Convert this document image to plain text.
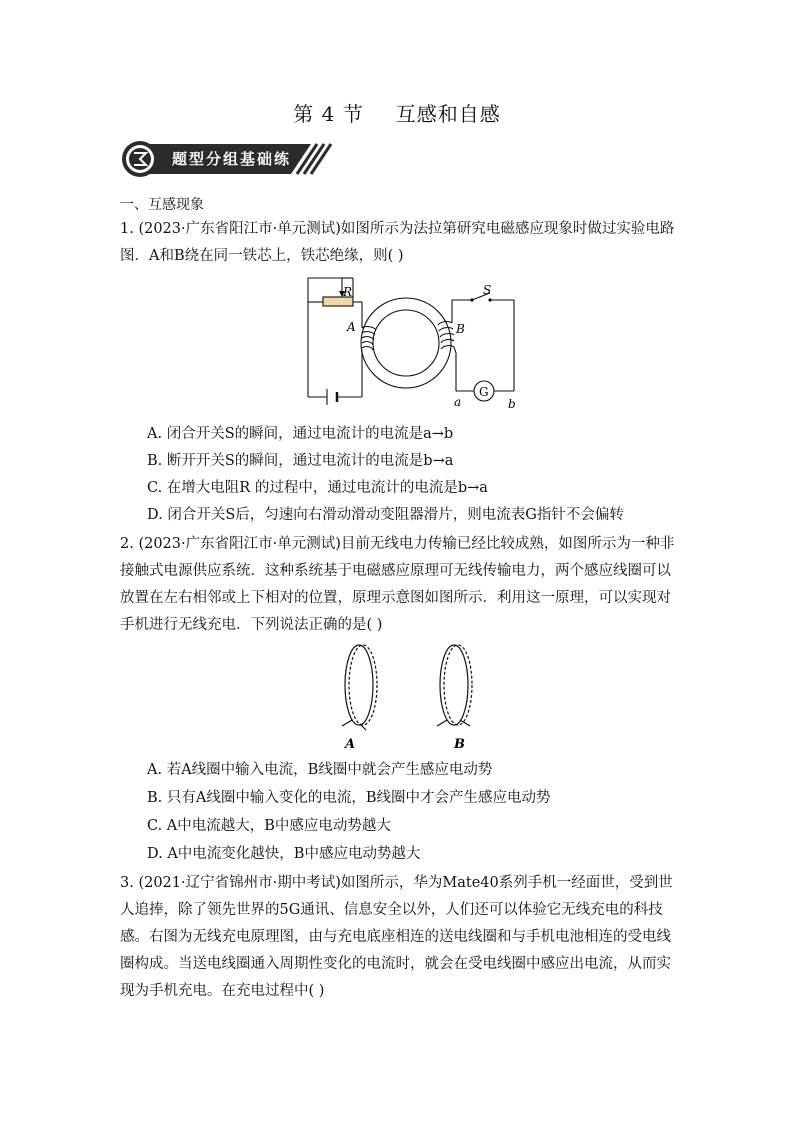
第 4 节 互感和自感
题型分组基础练
一、互感现象
1. (2023·广东省阳江市·单元测试)如图所示为法拉第研究电磁感应现象时做过实验电路图．A和B绕在同一铁芯上，铁芯绝缘，则( )
R
A	B
S
G
a	b
A. 闭合开关S的瞬间，通过电流计的电流是a→b
B. 断开开关S的瞬间，通过电流计的电流是b→a
C. 在增大电阻R 的过程中，通过电流计的电流是b→a
D. 闭合开关S后，匀速向右滑动滑动变阻器滑片，则电流表G指针不会偏转
2. (2023·广东省阳江市·单元测试)目前无线电力传输已经比较成熟，如图所示为一种非接触式电源供应系统．这种系统基于电磁感应原理可无线传输电力，两个感应线圈可以放置在左右相邻或上下相对的位置，原理示意图如图所示．利用这一原理，可以实现对手机进行无线充电．下列说法正确的是( )
A	B
A. 若A线圈中输入电流，B线圈中就会产生感应电动势
B. 只有A线圈中输入变化的电流，B线圈中才会产生感应电动势
C. A中电流越大，B中感应电动势越大
D. A中电流变化越快，B中感应电动势越大
3. (2021·辽宁省锦州市·期中考试)如图所示，华为Mate40系列手机一经面世，受到世人追捧，除了领先世界的5G通讯、信息安全以外，人们还可以体验它无线充电的科技感。右图为无线充电原理图，由与充电底座相连的送电线圈和与手机电池相连的受电线圈构成。当送电线圈通入周期性变化的电流时，就会在受电线圈中感应出电流，从而实现为手机充电。在充电过程中( )
